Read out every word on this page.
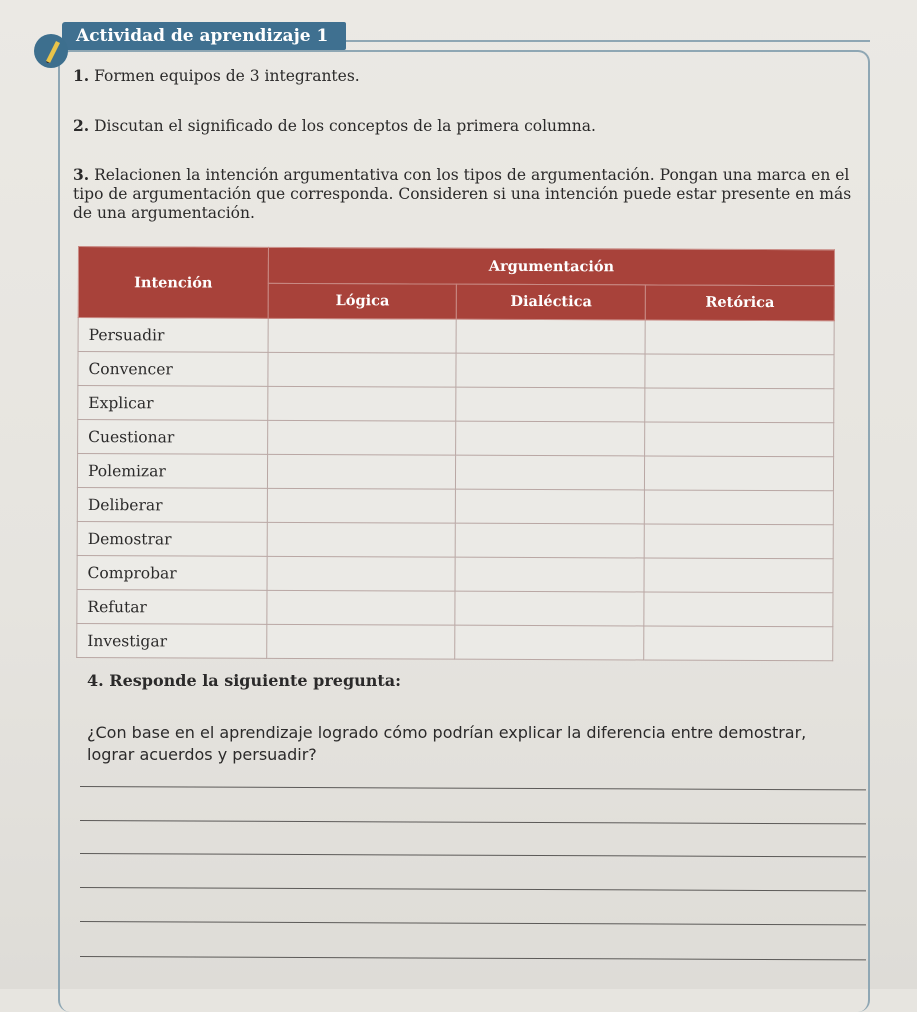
Actividad de aprendizaje 1
1. Formen equipos de 3 integrantes.
2. Discutan el significado de los conceptos de la primera columna.
3. Relacionen la intención argumentativa con los tipos de argumentación. Pongan una marca en el tipo de argumentación que corresponda. Consideren si una intención puede estar presente en más de una argumentación.
Intención	Argumentación		
	Lógica	Dialéctica	Retórica
Persuadir			
Convencer			
Explicar			
Cuestionar			
Polemizar			
Deliberar			
Demostrar			
Comprobar			
Refutar			
Investigar			
4. Responde la siguiente pregunta:
¿Con base en el aprendizaje logrado cómo podrían explicar la diferencia entre demostrar, lograr acuerdos y persuadir?
